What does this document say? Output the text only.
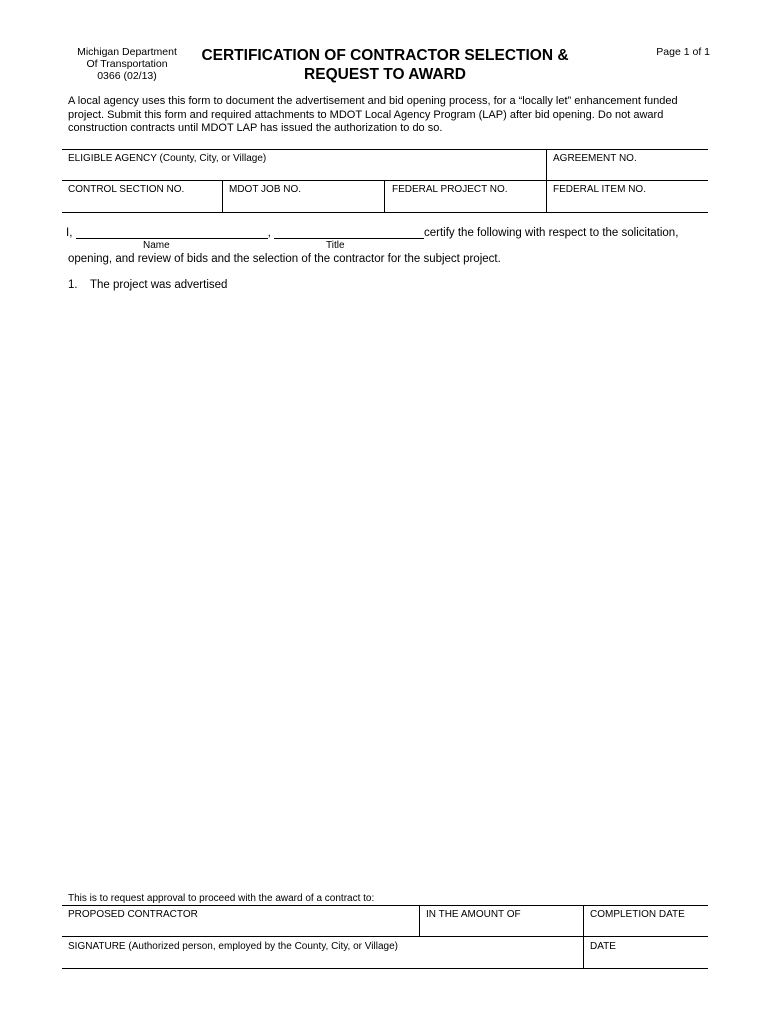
Michigan Department
Of Transportation
0366 (02/13)
CERTIFICATION OF CONTRACTOR SELECTION &
REQUEST TO AWARD
Page 1 of 1
A local agency uses this form to document the advertisement and bid opening process, for a “locally let” enhancement funded project. Submit this form and required attachments to MDOT Local Agency Program (LAP) after bid opening. Do not award construction contracts until MDOT LAP has issued the authorization to do so.
ELIGIBLE AGENCY (County, City, or Village)	AGREEMENT NO.
CONTROL SECTION NO.	MDOT JOB NO.	FEDERAL PROJECT NO.	FEDERAL ITEM NO.
I,	,	certify the following with respect to the solicitation,
Name	Title
opening, and review of bids and the selection of the contractor for the subject project.
1. The project was advertised
This is to request approval to proceed with the award of a contract to:
PROPOSED CONTRACTOR	IN THE AMOUNT OF	COMPLETION DATE
SIGNATURE (Authorized person, employed by the County, City, or Village)	DATE
